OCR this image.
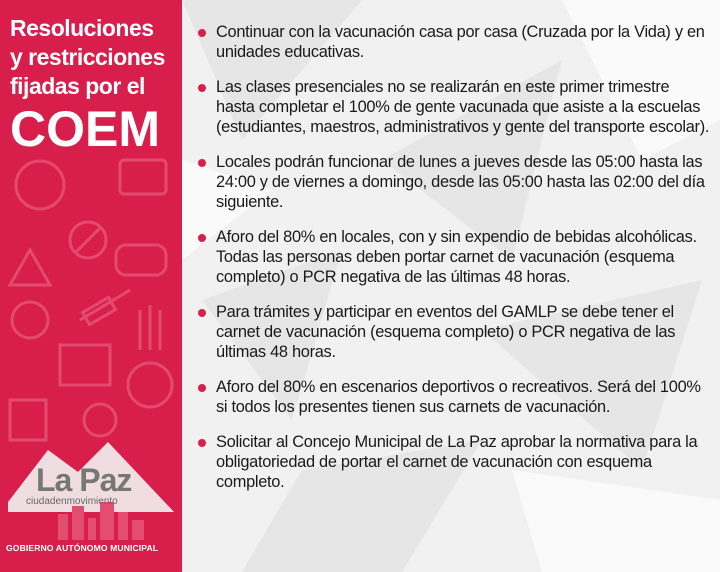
Resoluciones
y restricciones
fijadas por el
COEM
La Paz
ciudadenmovimiento
GOBIERNO AUTÓNOMO MUNICIPAL
Continuar con la vacunación casa por casa (Cruzada por la Vida) y en unidades educativas.
Las clases presenciales no se realizarán en este primer trimestre hasta completar el 100% de gente vacunada que asiste a la escuelas (estudiantes, maestros, administrativos y gente del transporte escolar).
Locales podrán funcionar de lunes a jueves desde las 05:00 hasta las 24:00 y de viernes a domingo, desde las 05:00 hasta las 02:00 del día siguiente.
Aforo del 80% en locales, con y sin expendio de bebidas alcohólicas. Todas las personas deben portar carnet de vacunación (esquema completo) o PCR negativa de las últimas 48 horas.
Para trámites y participar en eventos del GAMLP se debe tener el carnet de vacunación (esquema completo) o PCR negativa de las últimas 48 horas.
Aforo del 80% en escenarios deportivos o recreativos. Será del 100% si todos los presentes tienen sus carnets de vacunación.
Solicitar al Concejo Municipal de La Paz aprobar la normativa para la obligatoriedad de portar el carnet de vacunación con esquema completo.
